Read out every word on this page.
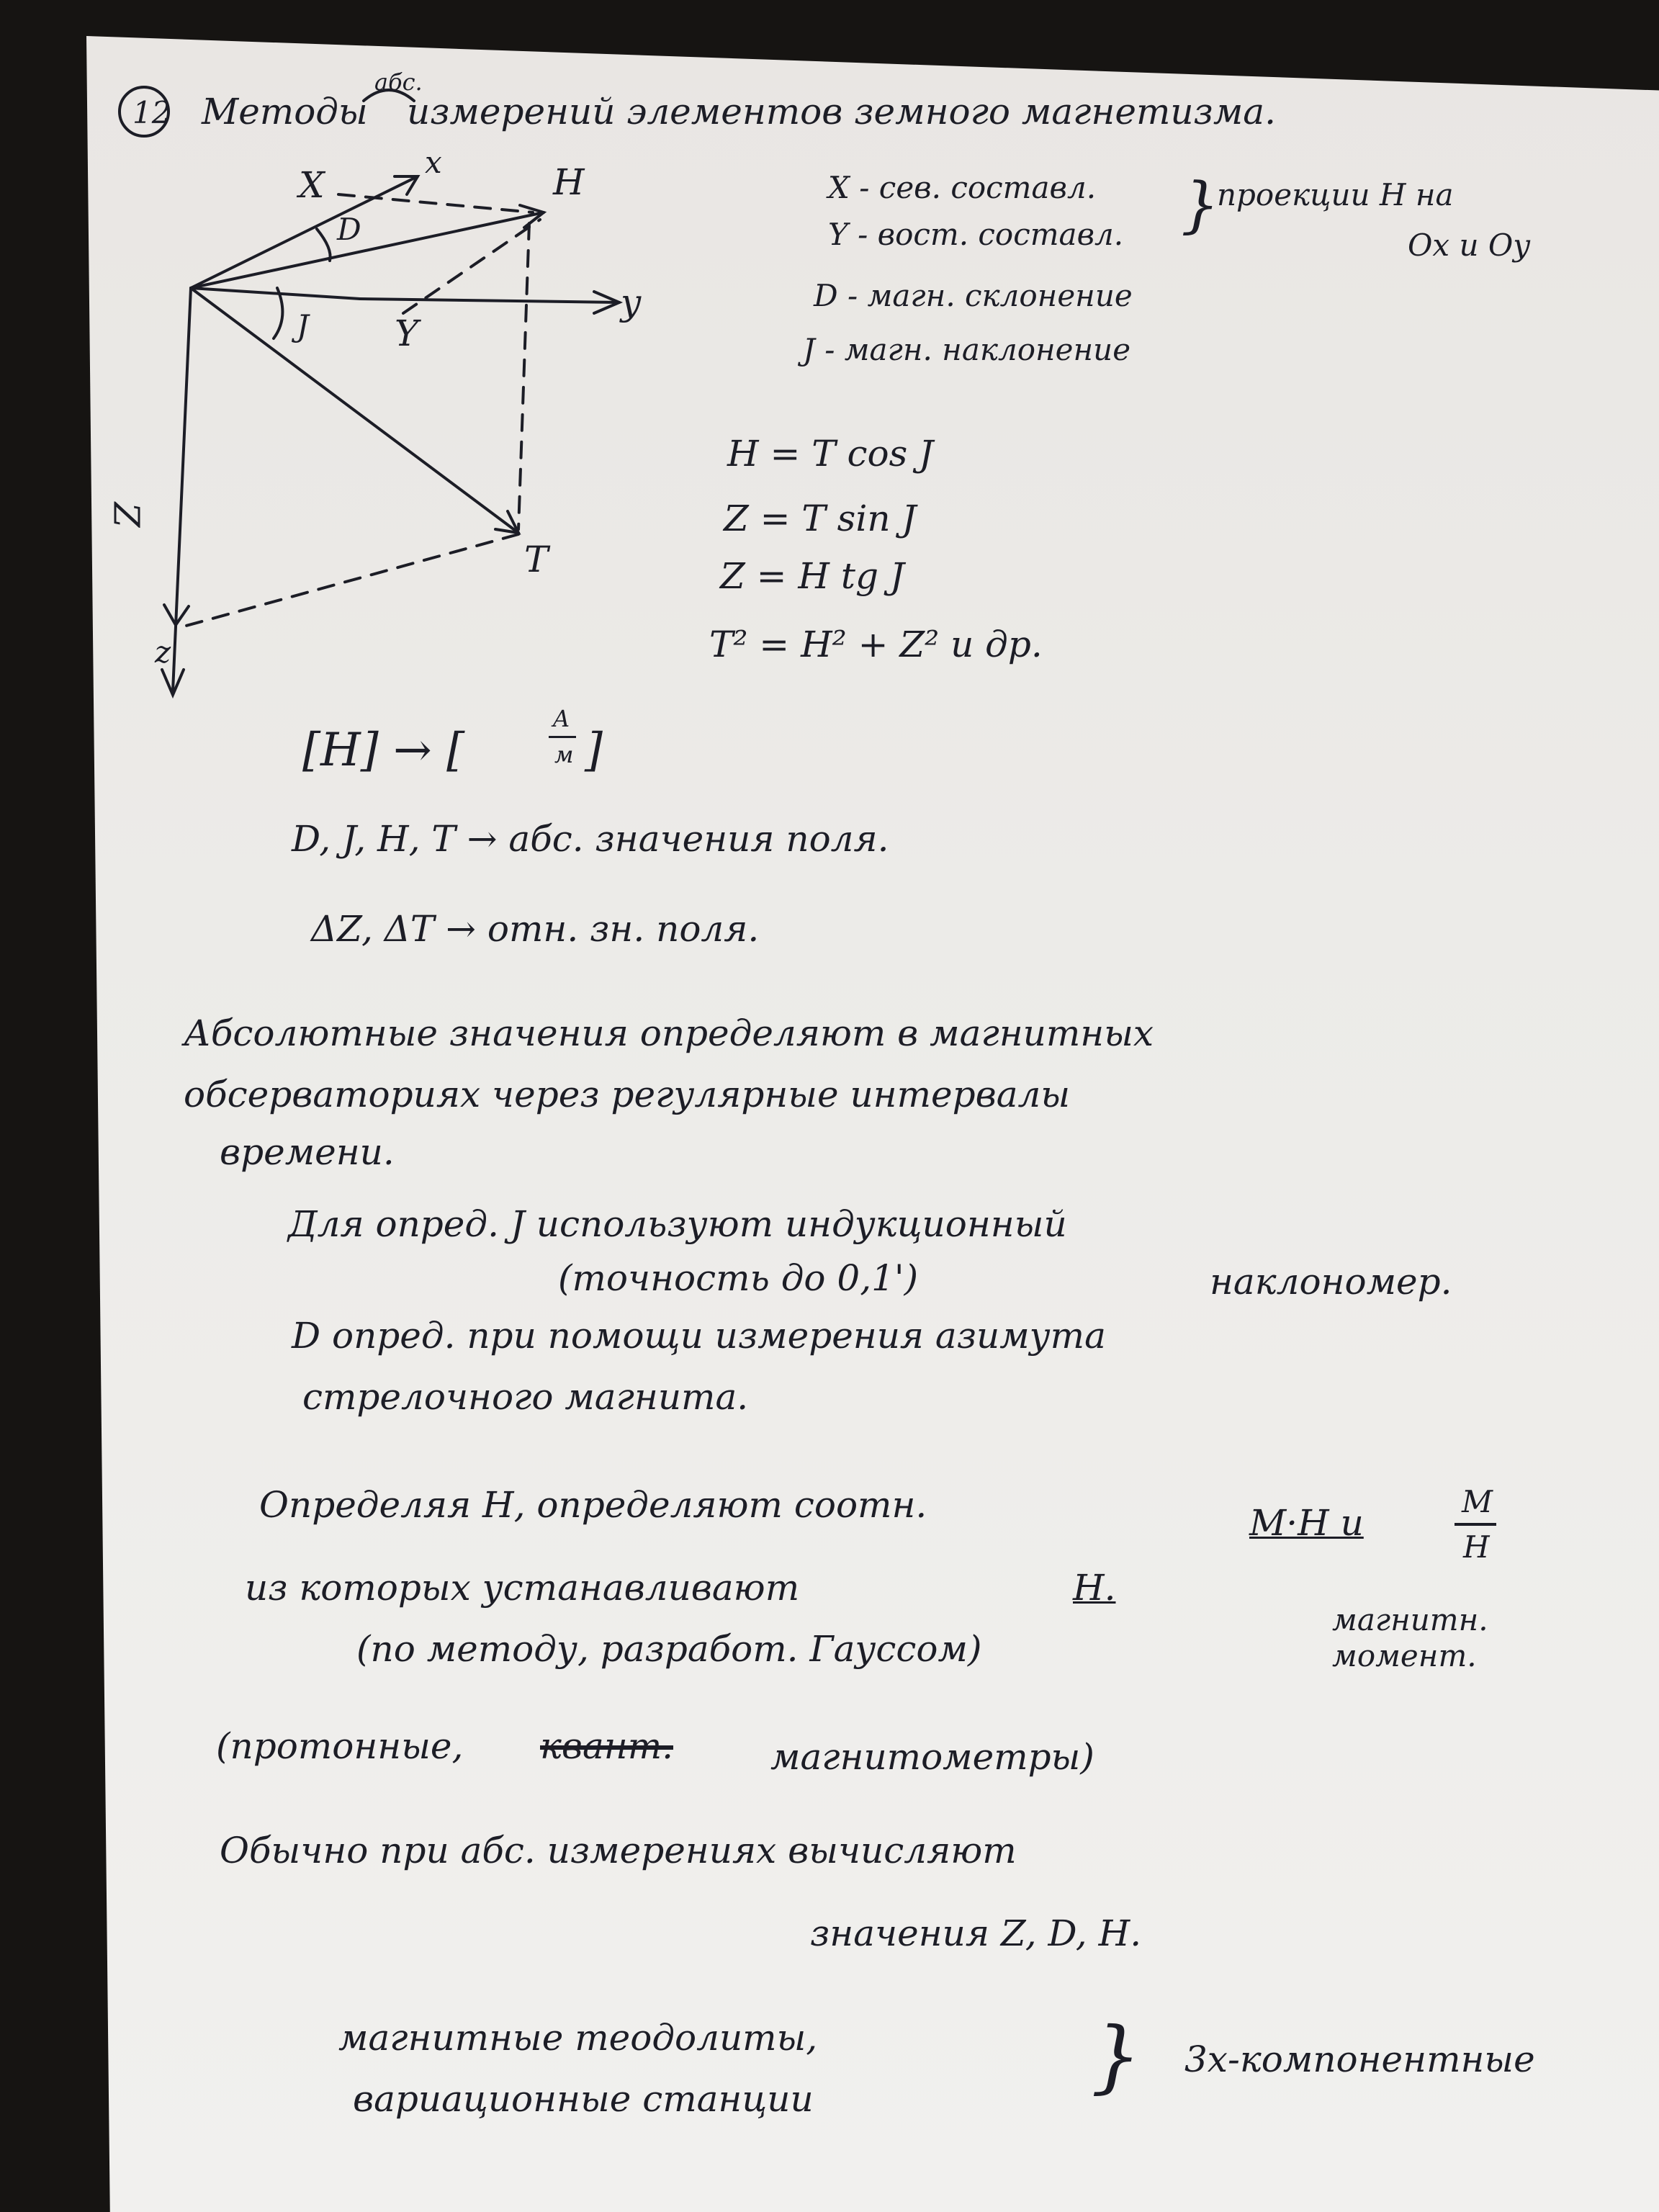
12 Методы
абс.
измерений элементов земного магнетизма.
X
x	H
D
J
y
Y
Z
z
T
X - сев. составл.
Y - вост. составл. }
проекции H на
Ox и Oy
D - магн. склонение
J - магн. наклонение
H = T cos J
Z = T sin J
Z = H tg J
T² = H² + Z² и др.
[H] → [
A
м ]
D, J, H, T → абс. значения поля.
ΔZ, ΔT → отн. зн. поля.
Абсолютные значения определяют в магнитных
обсерваториях через регулярные интервалы
времени.
Для опред. J используют индукционный
(точность до 0,1')	наклономер.
D опред. при помощи измерения азимута
стрелочного магнита.
Определяя H, определяют соотн.	M·H и
M
H
из которых устанавливают	H.
магнитн. момент.
(по методу, разработ. Гауссом)
(протонные, квант.	магнитометры)
Обычно при абс. измерениях вычисляют
значения Z, D, H.
магнитные теодолиты,
вариационные станции	} 3х-компонентные
